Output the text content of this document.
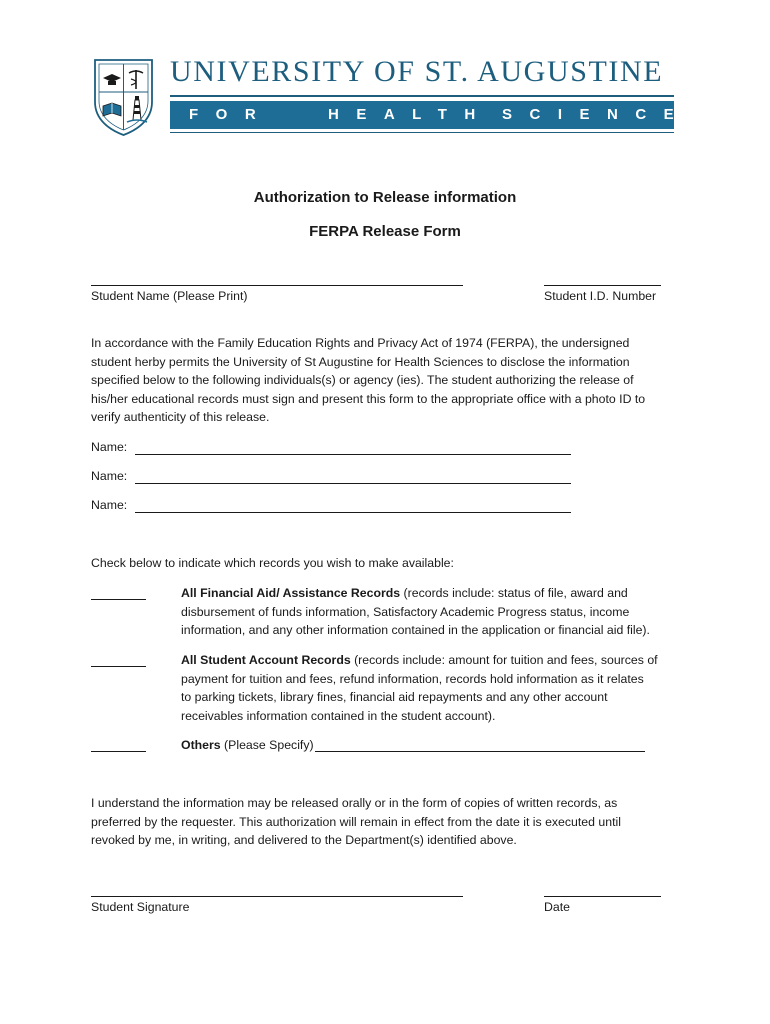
UNIVERSITY OF ST. AUGUSTINE
FOR	HEALTH SCIENCES
Authorization to Release information
FERPA Release Form
Student Name (Please Print)	Student I.D. Number
In accordance with the Family Education Rights and Privacy Act of 1974 (FERPA), the undersigned
student herby permits the University of St Augustine for Health Sciences to disclose the information
specified below to the following individuals(s) or agency (ies). The student authorizing the release of
his/her educational records must sign and present this form to the appropriate office with a photo ID to
verify authenticity of this release.
Name:
Name:
Name:
Check below to indicate which records you wish to make available:
All Financial Aid/ Assistance Records (records include: status of file, award and
disbursement of funds information, Satisfactory Academic Progress status, income
information, and any other information contained in the application or financial aid file).
All Student Account Records (records include: amount for tuition and fees, sources of
payment for tuition and fees, refund information, records hold information as it relates
to parking tickets, library fines, financial aid repayments and any other account
receivables information contained in the student account).
Others (Please Specify)
I understand the information may be released orally or in the form of copies of written records, as
preferred by the requester. This authorization will remain in effect from the date it is executed until
revoked by me, in writing, and delivered to the Department(s) identified above.
Student Signature	Date
